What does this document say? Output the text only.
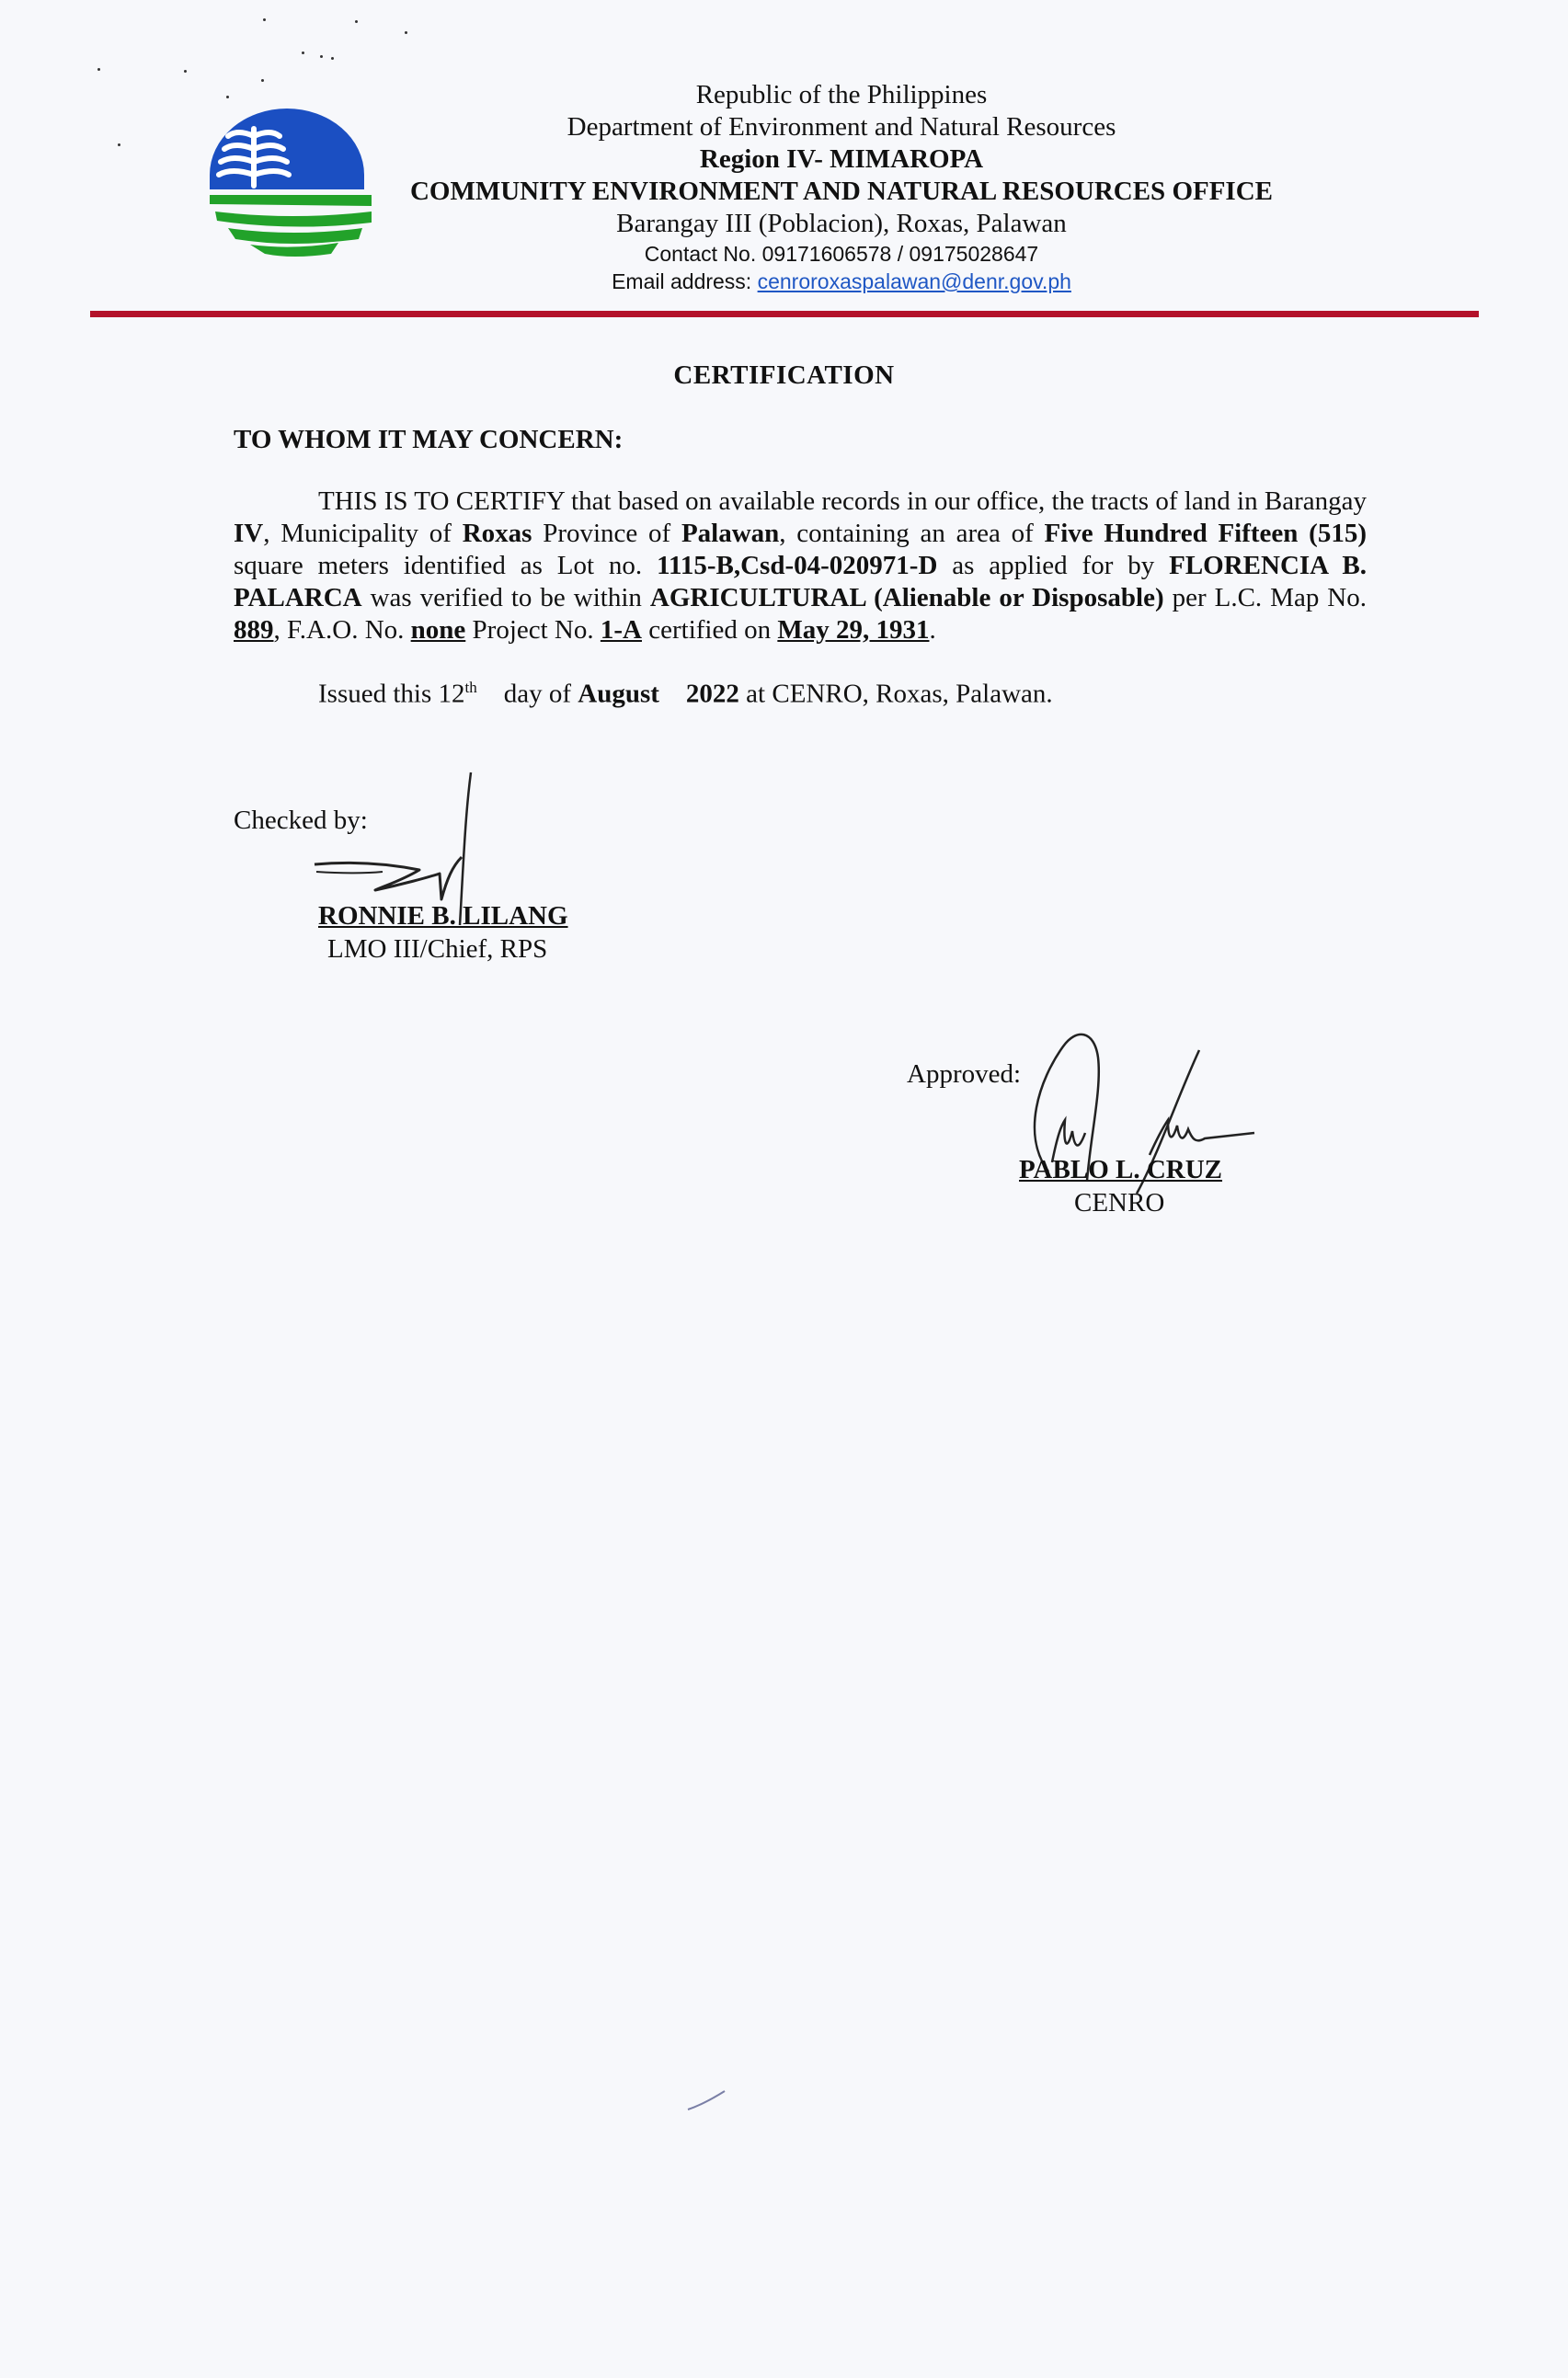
Republic of the Philippines
Department of Environment and Natural Resources
Region IV- MIMAROPA
COMMUNITY ENVIRONMENT AND NATURAL RESOURCES OFFICE
Barangay III (Poblacion), Roxas, Palawan
Contact No. 09171606578 / 09175028647
Email address: cenroroxaspalawan@denr.gov.ph
CERTIFICATION
TO WHOM IT MAY CONCERN:
THIS IS TO CERTIFY that based on available records in our office, the tracts of land in Barangay IV, Municipality of Roxas Province of Palawan, containing an area of Five Hundred Fifteen (515) square meters identified as Lot no. 1115-B,Csd-04-020971-D as applied for by FLORENCIA B. PALARCA was verified to be within AGRICULTURAL (Alienable or Disposable) per L.C. Map No. 889, F.A.O. No. none Project No. 1-A certified on May 29, 1931.
Issued this 12th day of August 2022 at CENRO, Roxas, Palawan.
Checked by:
RONNIE B. LILANG
LMO III/Chief, RPS
Approved:
PABLO L. CRUZ
CENRO
